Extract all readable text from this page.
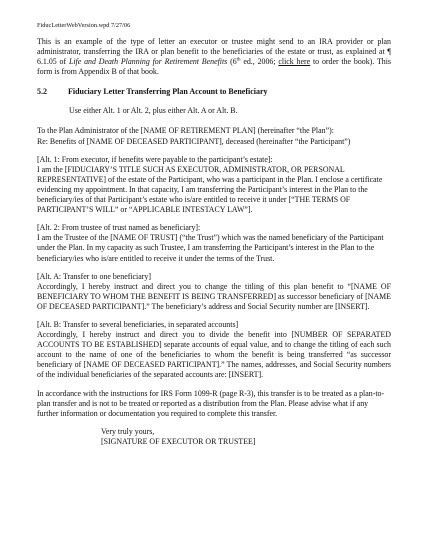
FiducLetterWebVersion.wpd 7/27/06

This is an example of the type of letter an executor or trustee might send to an IRA provider or plan administrator, transferring the IRA or plan benefit to the beneficiaries of the estate or trust, as explained at ¶ 6.1.05 of Life and Death Planning for Retirement Benefits (6th ed., 2006; click here to order the book). This form is from Appendix B of that book.

5.2	Fiduciary Letter Transferring Plan Account to Beneficiary

Use either Alt. 1 or Alt. 2, plus either Alt. A or Alt. B.

To the Plan Administrator of the [NAME OF RETIREMENT PLAN] (hereinafter “the Plan”):

Re: Benefits of [NAME OF DECEASED PARTICIPANT], deceased (hereinafter “the Participant”)

[Alt. 1: From executor, if benefits were payable to the participant’s estate]:

I am the [FIDUCIARY’S TITLE SUCH AS EXECUTOR, ADMINISTRATOR, OR PERSONAL REPRESENTATIVE] of the estate of the Participant, who was a participant in the Plan. I enclose a certificate evidencing my appointment. In that capacity, I am transferring the Participant’s interest in the Plan to the beneficiary/ies of that Participant’s estate who is/are entitled to receive it under [“THE TERMS OF PARTICIPANT’S WILL” or “APPLICABLE INTESTACY LAW”].

[Alt. 2: From trustee of trust named as beneficiary]:

I am the Trustee of the [NAME OF TRUST] (“the Trust”) which was the named beneficiary of the Participant under the Plan. In my capacity as such Trustee, I am transferring the Participant’s interest in the Plan to the beneficiary/ies who is/are entitled to receive it under the terms of the Trust.

[Alt. A: Transfer to one beneficiary]

Accordingly, I hereby instruct and direct you to change the titling of this plan benefit to “[NAME OF BENEFICIARY TO WHOM THE BENEFIT IS BEING TRANSFERRED] as successor beneficiary of [NAME OF DECEASED PARTICIPANT].” The beneficiary’s address and Social Security number are [INSERT].

[Alt. B: Transfer to several beneficiaries, in separated accounts]

Accordingly, I hereby instruct and direct you to divide the benefit into [NUMBER OF SEPARATED ACCOUNTS TO BE ESTABLISHED] separate accounts of equal value, and to change the titling of each such account to the name of one of the beneficiaries to whom the benefit is being transferred “as successor beneficiary of [NAME OF DECEASED PARTICIPANT].” The names, addresses, and Social Security numbers of the individual beneficiaries of the separated accounts are: [INSERT].

In accordance with the instructions for IRS Form 1099-R (page R-3), this transfer is to be treated as a plan-to-plan transfer and is not to be treated or reported as a distribution from the Plan. Please advise what if any further information or documentation you required to complete this transfer.

Very truly yours,

[SIGNATURE OF EXECUTOR OR TRUSTEE]
